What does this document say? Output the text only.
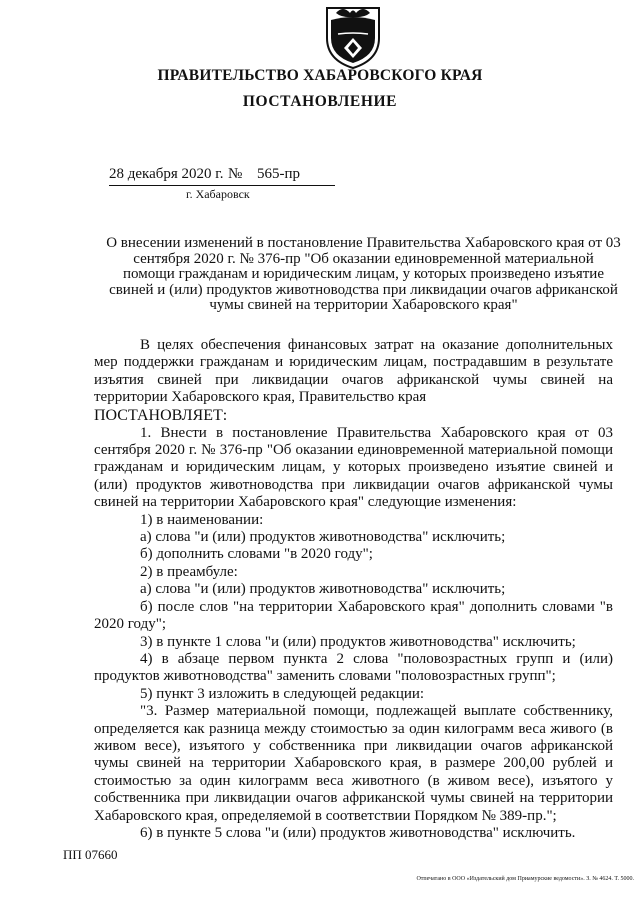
ПРАВИТЕЛЬСТВО ХАБАРОВСКОГО КРАЯ
ПОСТАНОВЛЕНИЕ
28 декабря 2020 г. № 565-пр
г. Хабаровск
О внесении изменений в постановление Правительства Хабаровского края от 03 сентября 2020 г. № 376-пр "Об оказании единовременной материальной помощи гражданам и юридическим лицам, у которых произведено изъятие свиней и (или) продуктов животноводства при ликвидации очагов африканской чумы свиней на территории Хабаровского края"

В целях обеспечения финансовых затрат на оказание дополнительных мер поддержки гражданам и юридическим лицам, пострадавшим в результате изъятия свиней при ликвидации очагов африканской чумы свиней на территории Хабаровского края, Правительство края

ПОСТАНОВЛЯЕТ:

1. Внести в постановление Правительства Хабаровского края от 03 сентября 2020 г. № 376-пр "Об оказании единовременной материальной помощи гражданам и юридическим лицам, у которых произведено изъятие свиней и (или) продуктов животноводства при ликвидации очагов африканской чумы свиней на территории Хабаровского края" следующие изменения:

1) в наименовании:

а) слова "и (или) продуктов животноводства" исключить;

б) дополнить словами "в 2020 году";

2) в преамбуле:

а) слова "и (или) продуктов животноводства" исключить;

б) после слов "на территории Хабаровского края" дополнить словами "в 2020 году";

3) в пункте 1 слова "и (или) продуктов животноводства" исключить;

4) в абзаце первом пункта 2 слова "половозрастных групп и (или) продуктов животноводства" заменить словами "половозрастных групп";

5) пункт 3 изложить в следующей редакции:

"3. Размер материальной помощи, подлежащей выплате собственнику, определяется как разница между стоимостью за один килограмм веса живого (в живом весе), изъятого у собственника при ликвидации очагов африканской чумы свиней на территории Хабаровского края, в размере 200,00 рублей и стоимостью за один килограмм веса животного (в живом весе), изъятого у собственника при ликвидации очагов африканской чумы свиней на территории Хабаровского края, определяемой в соответствии Порядком № 389-пр.";

6) в пункте 5 слова "и (или) продуктов животноводства" исключить.

ПП 07660
Отпечатано в ООО «Издательский дом Приамурские ведомости». З. № 4624. Т. 5000.
